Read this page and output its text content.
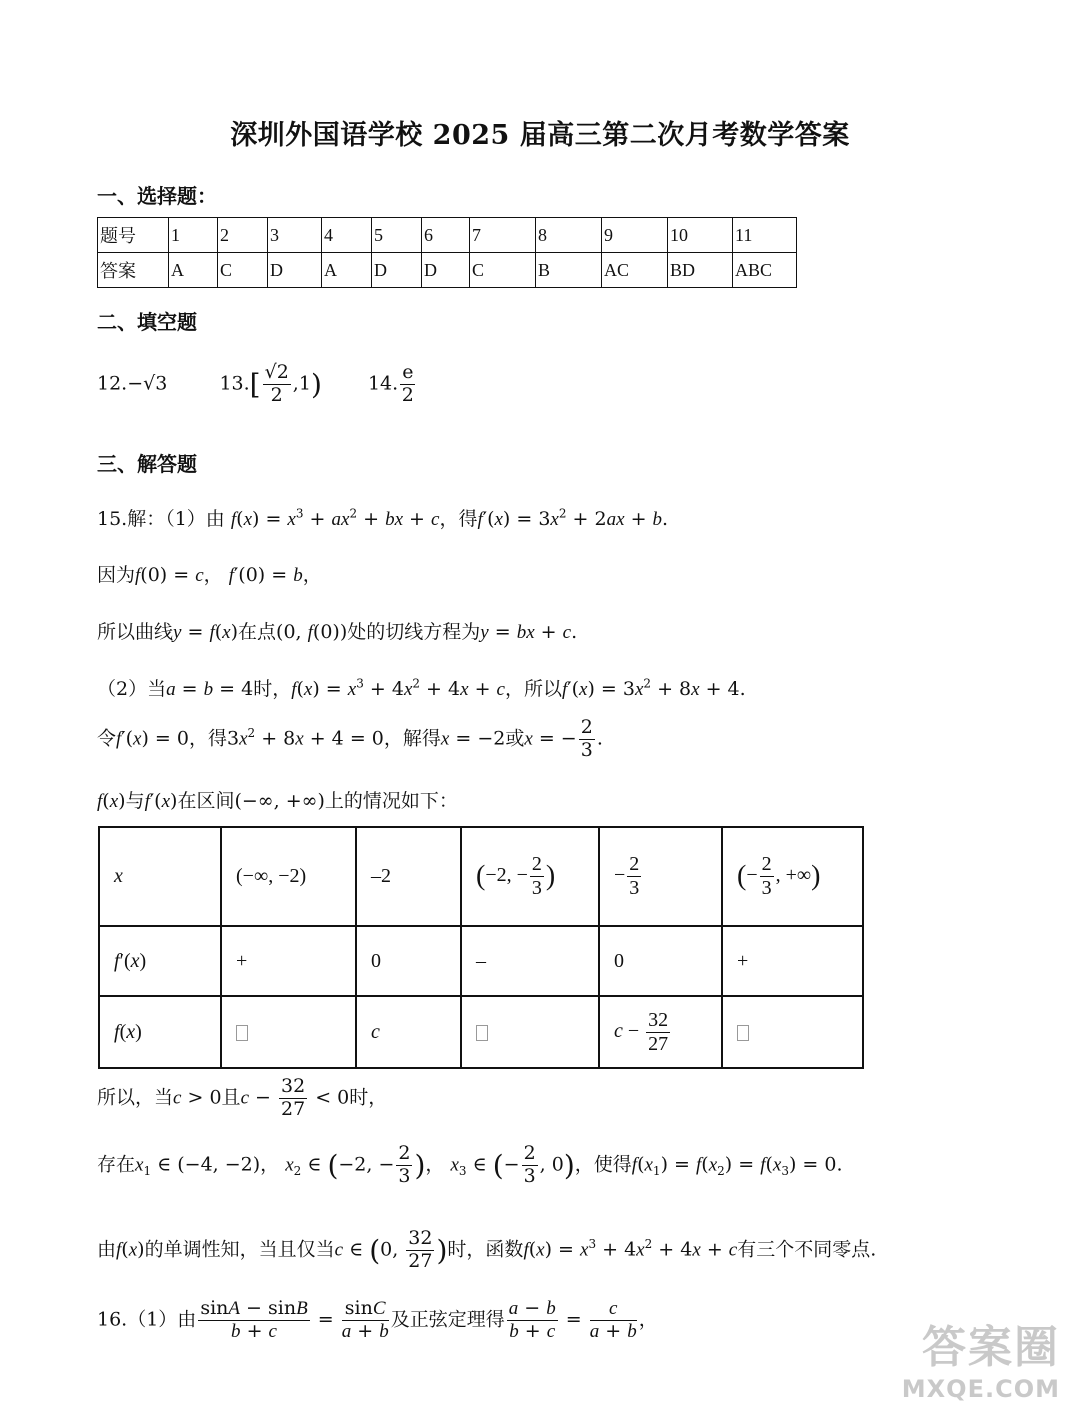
深圳外国语学校 2025 届高三第二次月考数学答案
一、选择题：
题号	1	2	3	4	5	6	7	8	9	10	11
答案	A	C	D	A	D	D	C	B	AC	BD	ABC
二、填空题
12.−√3	$13.[ \frac{√2}{2} ,1)$ 14. $\frac{e}{2}$
三、解答题
15.解：（1）由 $f(x) = x^3 + ax^2$ + bx + c，得$f'(x) = 3x^2 + 2ax + b$.
因为f(0) = c， f′(0) = b，
所以曲线y = f(x)在点(0, f(0))处的切线方程为y = bx + c.
（2）当a = b = 4时，$f(x) = x^3 + 4x^2 + 4x + c$，所以$f'(x) = 3x^2 + 8x + 4$.
令f′(x) = 0，得$3x^2 + 8x + 4 = 0$，解得x = −2或x = − $\frac{2}{3}$ .
f(x)与f′(x)在区间(−∞, +∞)上的情况如下：
x	(−∞, −2)	–2	(−2, − $\frac{2}{3}$ )	− $\frac{2}{3}$	(− $\frac{2}{3}$ , +∞)
f′(x)	+	0	–	0	+
f(x)		c		$c - \frac{32}{27}$

所以，当c > 0且$c - \frac{32}{27} < 0$时，
存在$x_1$ ∈ (−4, −2)， $x_2$ ∈ (−2, − $\frac{2}{3}$ )， $x_3$ ∈ (− $\frac{2}{3}$ , 0)，使得$f(x_1) = f(x_2) = f(x_3) = 0$.
由f(x)的单调性知，当且仅当c ∈ (0, $\frac{32}{27}$ )时，函数$f(x) = x^3 + 4x^2 + 4x + c$有三个不同零点.
16.（1）由 $\frac{\sin A - \sin B}{b + c} = \frac{\sin C}{a + b}$ 及正弦定理得 $\frac{a - b}{b + c} = \frac{c}{a + b}$ ，
答案圈
MXQE.COM
